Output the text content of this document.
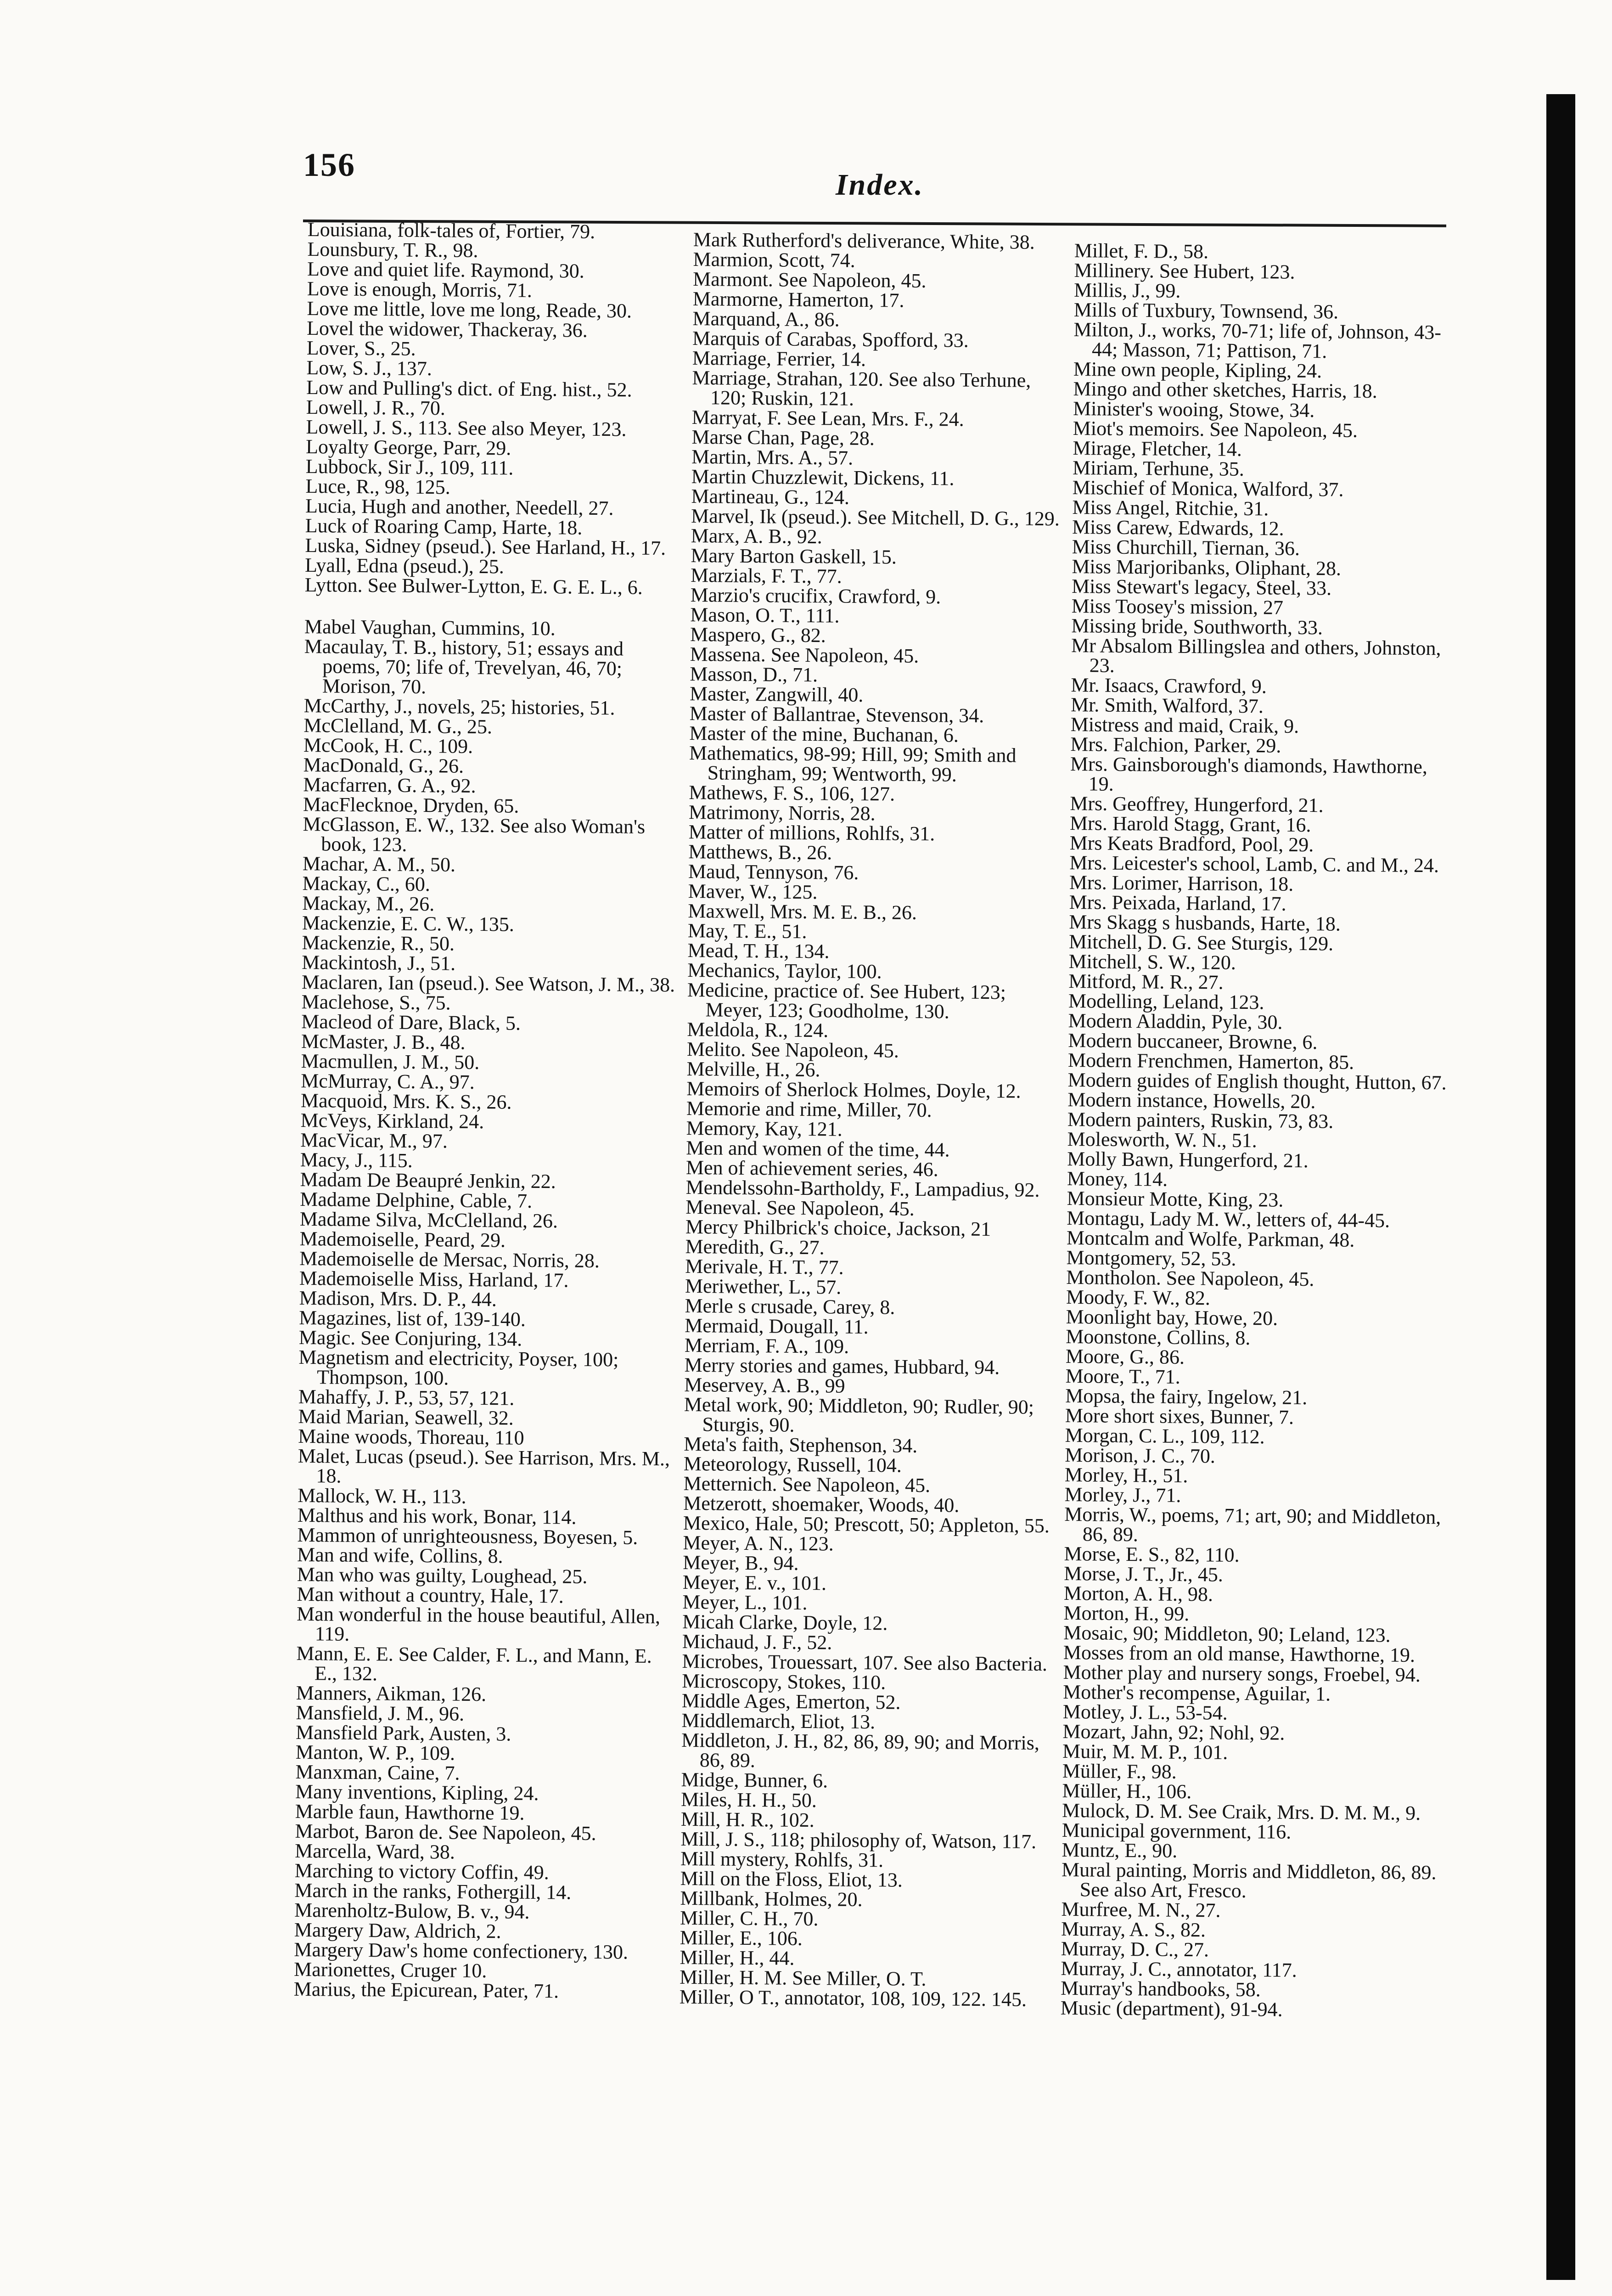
156
Index.

Louisiana, folk-tales of, Fortier, 79.

Lounsbury, T. R., 98.

Love and quiet life. Raymond, 30.

Love is enough, Morris, 71.

Love me little, love me long, Reade, 30.

Lovel the widower, Thackeray, 36.

Lover, S., 25.

Low, S. J., 137.

Low and Pulling's dict. of Eng. hist., 52.

Lowell, J. R., 70.

Lowell, J. S., 113. See also Meyer, 123.

Loyalty George, Parr, 29.

Lubbock, Sir J., 109, 111.

Luce, R., 98, 125.

Lucia, Hugh and another, Needell, 27.

Luck of Roaring Camp, Harte, 18.

Luska, Sidney (pseud.). See Harland, H., 17.

Lyall, Edna (pseud.), 25.

Lytton. See Bulwer-Lytton, E. G. E. L., 6.

Mabel Vaughan, Cummins, 10.

Macaulay, T. B., history, 51; essays and poems, 70; life of, Trevelyan, 46, 70; Morison, 70.

McCarthy, J., novels, 25; histories, 51.

McClelland, M. G., 25.

McCook, H. C., 109.

MacDonald, G., 26.

Macfarren, G. A., 92.

MacFlecknoe, Dryden, 65.

McGlasson, E. W., 132. See also Woman's book, 123.

Machar, A. M., 50.

Mackay, C., 60.

Mackay, M., 26.

Mackenzie, E. C. W., 135.

Mackenzie, R., 50.

Mackintosh, J., 51.

Maclaren, Ian (pseud.). See Watson, J. M., 38.

Maclehose, S., 75.

Macleod of Dare, Black, 5.

McMaster, J. B., 48.

Macmullen, J. M., 50.

McMurray, C. A., 97.

Macquoid, Mrs. K. S., 26.

McVeys, Kirkland, 24.

MacVicar, M., 97.

Macy, J., 115.

Madam De Beaupré Jenkin, 22.

Madame Delphine, Cable, 7.

Madame Silva, McClelland, 26.

Mademoiselle, Peard, 29.

Mademoiselle de Mersac, Norris, 28.

Mademoiselle Miss, Harland, 17.

Madison, Mrs. D. P., 44.

Magazines, list of, 139-140.

Magic. See Conjuring, 134.

Magnetism and electricity, Poyser, 100; Thompson, 100.

Mahaffy, J. P., 53, 57, 121.

Maid Marian, Seawell, 32.

Maine woods, Thoreau, 110

Malet, Lucas (pseud.). See Harrison, Mrs. M., 18.

Mallock, W. H., 113.

Malthus and his work, Bonar, 114.

Mammon of unrighteousness, Boyesen, 5.

Man and wife, Collins, 8.

Man who was guilty, Loughead, 25.

Man without a country, Hale, 17.

Man wonderful in the house beautiful, Allen, 119.

Mann, E. E. See Calder, F. L., and Mann, E. E., 132.

Manners, Aikman, 126.

Mansfield, J. M., 96.

Mansfield Park, Austen, 3.

Manton, W. P., 109.

Manxman, Caine, 7.

Many inventions, Kipling, 24.

Marble faun, Hawthorne 19.

Marbot, Baron de. See Napoleon, 45.

Marcella, Ward, 38.

Marching to victory Coffin, 49.

March in the ranks, Fothergill, 14.

Marenholtz-Bulow, B. v., 94.

Margery Daw, Aldrich, 2.

Margery Daw's home confectionery, 130.

Marionettes, Cruger 10.

Marius, the Epicurean, Pater, 71.

Mark Rutherford's deliverance, White, 38.

Marmion, Scott, 74.

Marmont. See Napoleon, 45.

Marmorne, Hamerton, 17.

Marquand, A., 86.

Marquis of Carabas, Spofford, 33.

Marriage, Ferrier, 14.

Marriage, Strahan, 120. See also Terhune, 120; Ruskin, 121.

Marryat, F. See Lean, Mrs. F., 24.

Marse Chan, Page, 28.

Martin, Mrs. A., 57.

Martin Chuzzlewit, Dickens, 11.

Martineau, G., 124.

Marvel, Ik (pseud.). See Mitchell, D. G., 129.

Marx, A. B., 92.

Mary Barton Gaskell, 15.

Marzials, F. T., 77.

Marzio's crucifix, Crawford, 9.

Mason, O. T., 111.

Maspero, G., 82.

Massena. See Napoleon, 45.

Masson, D., 71.

Master, Zangwill, 40.

Master of Ballantrae, Stevenson, 34.

Master of the mine, Buchanan, 6.

Mathematics, 98-99; Hill, 99; Smith and Stringham, 99; Wentworth, 99.

Mathews, F. S., 106, 127.

Matrimony, Norris, 28.

Matter of millions, Rohlfs, 31.

Matthews, B., 26.

Maud, Tennyson, 76.

Maver, W., 125.

Maxwell, Mrs. M. E. B., 26.

May, T. E., 51.

Mead, T. H., 134.

Mechanics, Taylor, 100.

Medicine, practice of. See Hubert, 123; Meyer, 123; Goodholme, 130.

Meldola, R., 124.

Melito. See Napoleon, 45.

Melville, H., 26.

Memoirs of Sherlock Holmes, Doyle, 12.

Memorie and rime, Miller, 70.

Memory, Kay, 121.

Men and women of the time, 44.

Men of achievement series, 46.

Mendelssohn-Bartholdy, F., Lampadius, 92.

Meneval. See Napoleon, 45.

Mercy Philbrick's choice, Jackson, 21

Meredith, G., 27.

Merivale, H. T., 77.

Meriwether, L., 57.

Merle s crusade, Carey, 8.

Mermaid, Dougall, 11.

Merriam, F. A., 109.

Merry stories and games, Hubbard, 94.

Meservey, A. B., 99

Metal work, 90; Middleton, 90; Rudler, 90; Sturgis, 90.

Meta's faith, Stephenson, 34.

Meteorology, Russell, 104.

Metternich. See Napoleon, 45.

Metzerott, shoemaker, Woods, 40.

Mexico, Hale, 50; Prescott, 50; Appleton, 55.

Meyer, A. N., 123.

Meyer, B., 94.

Meyer, E. v., 101.

Meyer, L., 101.

Micah Clarke, Doyle, 12.

Michaud, J. F., 52.

Microbes, Trouessart, 107. See also Bacteria.

Microscopy, Stokes, 110.

Middle Ages, Emerton, 52.

Middlemarch, Eliot, 13.

Middleton, J. H., 82, 86, 89, 90; and Morris, 86, 89.

Midge, Bunner, 6.

Miles, H. H., 50.

Mill, H. R., 102.

Mill, J. S., 118; philosophy of, Watson, 117.

Mill mystery, Rohlfs, 31.

Mill on the Floss, Eliot, 13.

Millbank, Holmes, 20.

Miller, C. H., 70.

Miller, E., 106.

Miller, H., 44.

Miller, H. M. See Miller, O. T.

Miller, O T., annotator, 108, 109, 122. 145.

Millet, F. D., 58.

Millinery. See Hubert, 123.

Millis, J., 99.

Mills of Tuxbury, Townsend, 36.

Milton, J., works, 70-71; life of, Johnson, 43-44; Masson, 71; Pattison, 71.

Mine own people, Kipling, 24.

Mingo and other sketches, Harris, 18.

Minister's wooing, Stowe, 34.

Miot's memoirs. See Napoleon, 45.

Mirage, Fletcher, 14.

Miriam, Terhune, 35.

Mischief of Monica, Walford, 37.

Miss Angel, Ritchie, 31.

Miss Carew, Edwards, 12.

Miss Churchill, Tiernan, 36.

Miss Marjoribanks, Oliphant, 28.

Miss Stewart's legacy, Steel, 33.

Miss Toosey's mission, 27

Missing bride, Southworth, 33.

Mr Absalom Billingslea and others, Johnston, 23.

Mr. Isaacs, Crawford, 9.

Mr. Smith, Walford, 37.

Mistress and maid, Craik, 9.

Mrs. Falchion, Parker, 29.

Mrs. Gainsborough's diamonds, Hawthorne, 19.

Mrs. Geoffrey, Hungerford, 21.

Mrs. Harold Stagg, Grant, 16.

Mrs Keats Bradford, Pool, 29.

Mrs. Leicester's school, Lamb, C. and M., 24.

Mrs. Lorimer, Harrison, 18.

Mrs. Peixada, Harland, 17.

Mrs Skagg s husbands, Harte, 18.

Mitchell, D. G. See Sturgis, 129.

Mitchell, S. W., 120.

Mitford, M. R., 27.

Modelling, Leland, 123.

Modern Aladdin, Pyle, 30.

Modern buccaneer, Browne, 6.

Modern Frenchmen, Hamerton, 85.

Modern guides of English thought, Hutton, 67.

Modern instance, Howells, 20.

Modern painters, Ruskin, 73, 83.

Molesworth, W. N., 51.

Molly Bawn, Hungerford, 21.

Money, 114.

Monsieur Motte, King, 23.

Montagu, Lady M. W., letters of, 44-45.

Montcalm and Wolfe, Parkman, 48.

Montgomery, 52, 53.

Montholon. See Napoleon, 45.

Moody, F. W., 82.

Moonlight bay, Howe, 20.

Moonstone, Collins, 8.

Moore, G., 86.

Moore, T., 71.

Mopsa, the fairy, Ingelow, 21.

More short sixes, Bunner, 7.

Morgan, C. L., 109, 112.

Morison, J. C., 70.

Morley, H., 51.

Morley, J., 71.

Morris, W., poems, 71; art, 90; and Middleton, 86, 89.

Morse, E. S., 82, 110.

Morse, J. T., Jr., 45.

Morton, A. H., 98.

Morton, H., 99.

Mosaic, 90; Middleton, 90; Leland, 123.

Mosses from an old manse, Hawthorne, 19.

Mother play and nursery songs, Froebel, 94.

Mother's recompense, Aguilar, 1.

Motley, J. L., 53-54.

Mozart, Jahn, 92; Nohl, 92.

Muir, M. M. P., 101.

Müller, F., 98.

Müller, H., 106.

Mulock, D. M. See Craik, Mrs. D. M. M., 9.

Municipal government, 116.

Muntz, E., 90.

Mural painting, Morris and Middleton, 86, 89. See also Art, Fresco.

Murfree, M. N., 27.

Murray, A. S., 82.

Murray, D. C., 27.

Murray, J. C., annotator, 117.

Murray's handbooks, 58.

Music (department), 91-94.
